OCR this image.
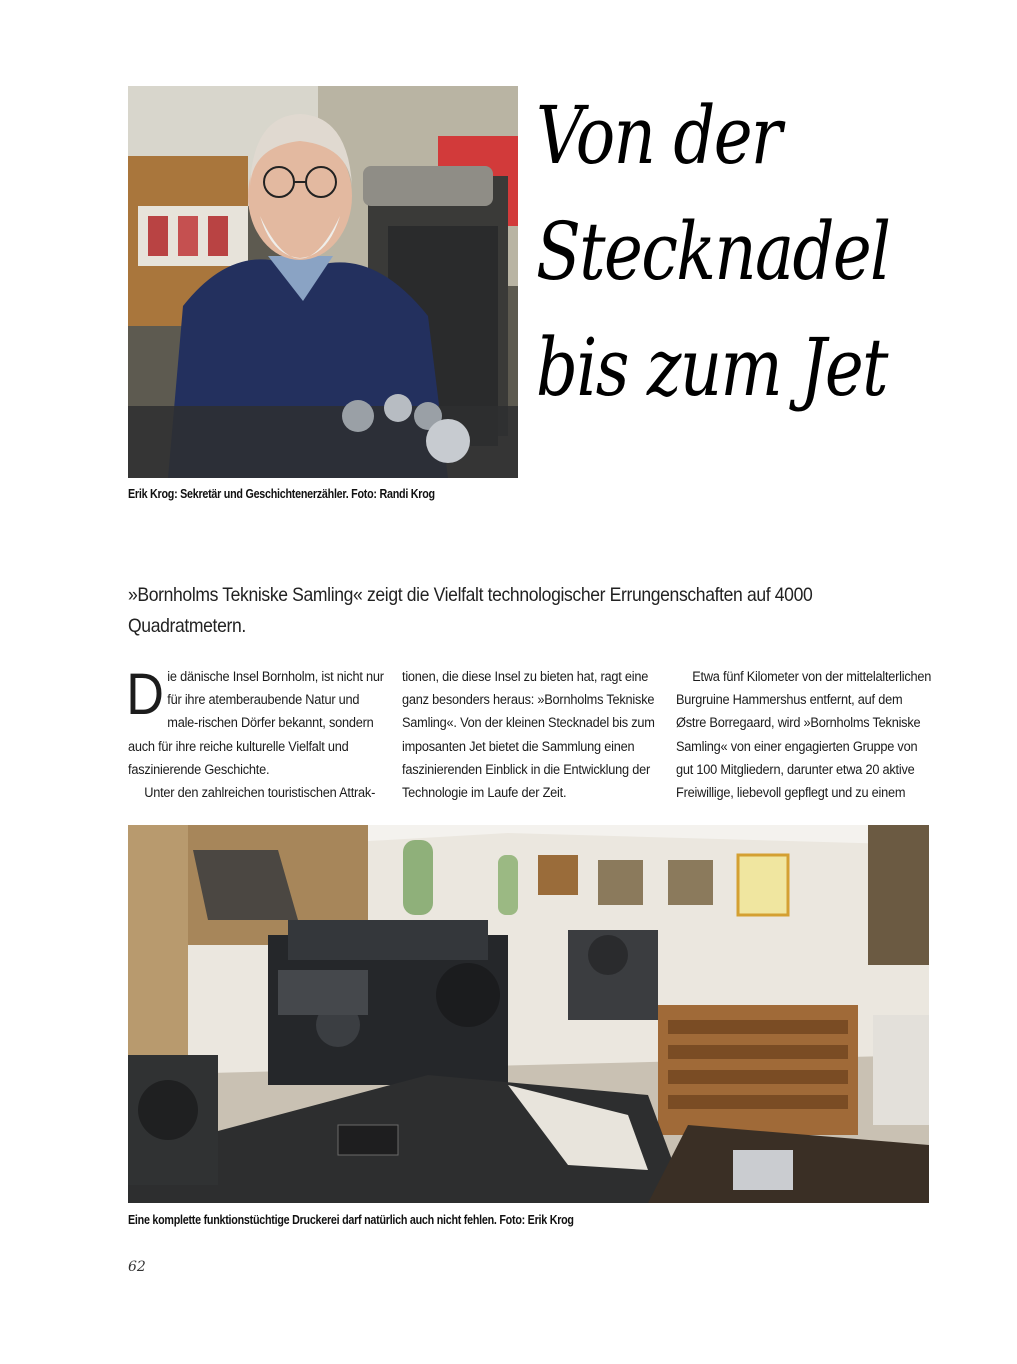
Erik Krog: Sekretär und Geschichtenerzähler. Foto: Randi Krog
Von der
Stecknadel
bis zum Jet
»Bornholms Tekniske Samling« zeigt die Vielfalt technologischer Errungenschaften auf 4000 Quadratmetern.

Die dänische Insel Bornholm, ist nicht nur für ihre atemberaubende Natur und male-rischen Dörfer bekannt, sondern auch für ihre reiche kulturelle Vielfalt und faszinierende Geschichte.

Unter den zahlreichen touristischen Attrak-

tionen, die diese Insel zu bieten hat, ragt eine ganz besonders heraus: »Bornholms Tekniske Samling«. Von der kleinen Stecknadel bis zum imposanten Jet bietet die Sammlung einen faszinierenden Einblick in die Entwicklung der Technologie im Laufe der Zeit.

Etwa fünf Kilometer von der mittelalterlichen Burgruine Hammershus entfernt, auf dem Østre Borregaard, wird »Bornholms Tekniske Samling« von einer engagierten Gruppe von gut 100 Mitgliedern, darunter etwa 20 aktive Freiwillige, liebevoll gepflegt und zu einem

Eine komplette funktionstüchtige Druckerei darf natürlich auch nicht fehlen. Foto: Erik Krog
62
